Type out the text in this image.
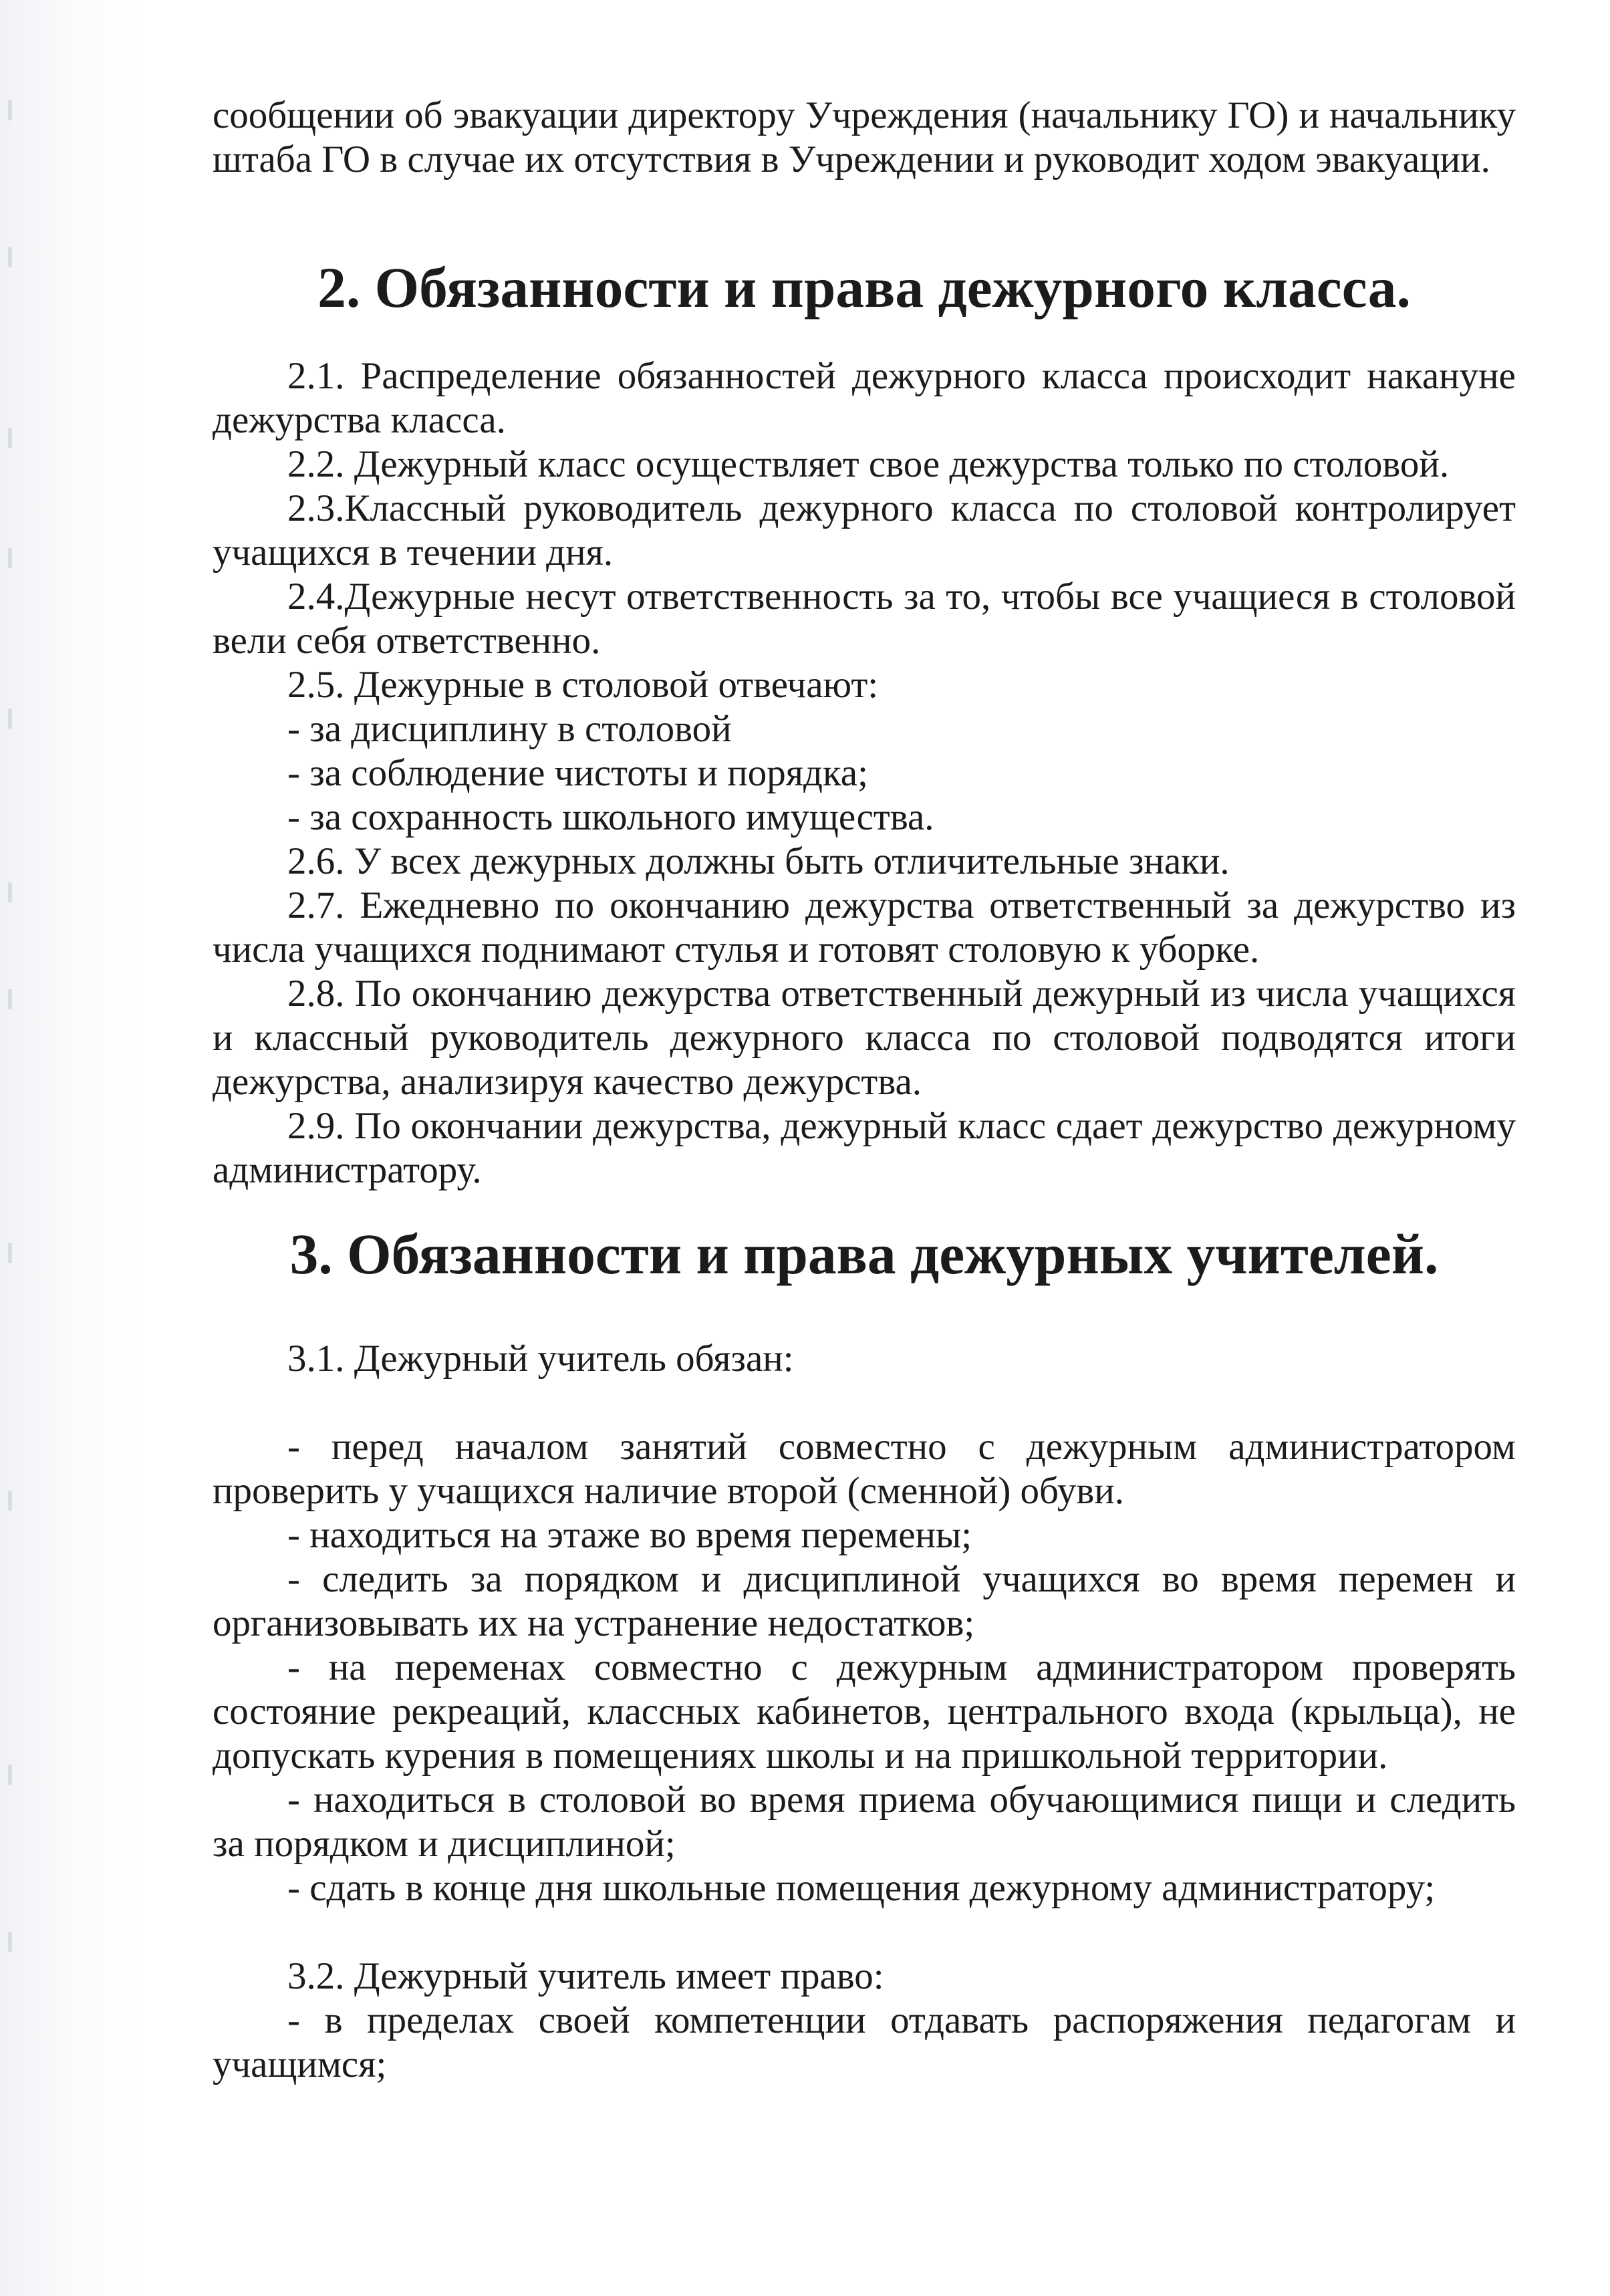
сообщении об эвакуации директору Учреждения (начальнику ГО) и начальнику штаба ГО в случае их отсутствия в Учреждении и руководит ходом эвакуации.

2. Обязанности и права дежурного класса.

2.1. Распределение обязанностей дежурного класса происходит накануне дежурства класса.

2.2. Дежурный класс осуществляет свое дежурства только по столовой.

2.3.Классный руководитель дежурного класса по столовой контролирует учащихся в течении дня.

2.4.Дежурные несут ответственность за то, чтобы все учащиеся в столовой вели себя ответственно.

2.5. Дежурные в столовой отвечают:

- за дисциплину в столовой

- за соблюдение чистоты и порядка;

- за сохранность школьного имущества.

2.6. У всех дежурных должны быть отличительные знаки.

2.7. Ежедневно по окончанию дежурства ответственный за дежурство из числа учащихся поднимают стулья и готовят столовую к уборке.

2.8. По окончанию дежурства ответственный дежурный из числа учащихся и классный руководитель дежурного класса по столовой подводятся итоги дежурства, анализируя качество дежурства.

2.9. По окончании дежурства, дежурный класс сдает дежурство дежурному администратору.

3. Обязанности и права дежурных учителей.

3.1. Дежурный учитель обязан:

- перед началом занятий совместно с дежурным администратором проверить у учащихся наличие второй (сменной) обуви.

- находиться на этаже во время перемены;

- следить за порядком и дисциплиной учащихся во время перемен и организовывать их на устранение недостатков;

- на переменах совместно с дежурным администратором проверять состояние рекреаций, классных кабинетов, центрального входа (крыльца), не допускать курения в помещениях школы и на пришкольной территории.

- находиться в столовой во время приема обучающимися пищи и следить за порядком и дисциплиной;

- сдать в конце дня школьные помещения дежурному администратору;

3.2. Дежурный учитель имеет право:

- в пределах своей компетенции отдавать распоряжения педагогам и учащимся;
